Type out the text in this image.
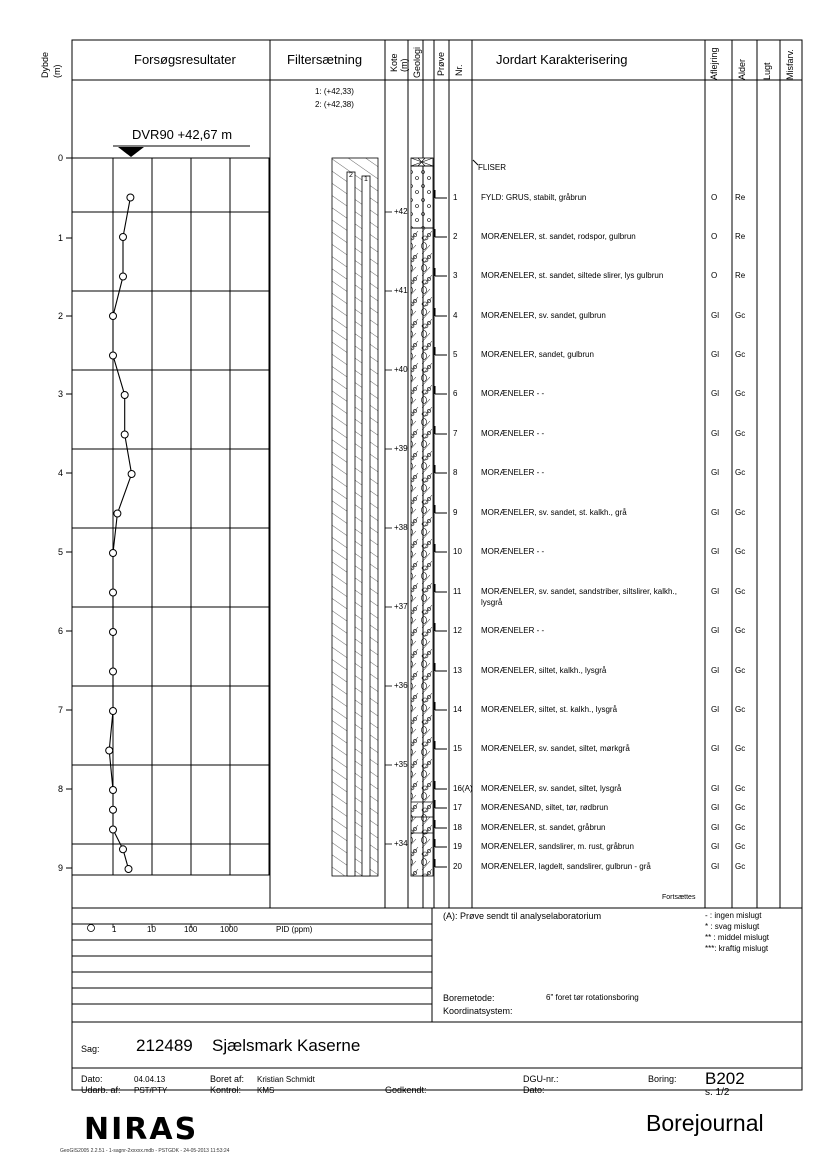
Dybde (m)
Forsøgsresultater	Filtersætning	Kote (m) Geologi Prøve Nr.
Jordart Karakterisering	Aflejring Alder Lugt Misfarv.
1: (+42,33)
2: (+42,38)
2
1
DVR90 +42,67 m
0
1
2
3
4
5
6
7
8
9
+42
+41
+40
+39
+38
+37
+36
+35
+34
FLISER
1	FYLD: GRUS, stabilt, gråbrun	O Re
2	MORÆNELER, st. sandet, rodspor, gulbrun	O Re
3	MORÆNELER, st. sandet, siltede slirer, lys gulbrun	O Re
4	MORÆNELER, sv. sandet, gulbrun	Gl Gc
5	MORÆNELER, sandet, gulbrun	Gl Gc
6	MORÆNELER - -	Gl Gc
7	MORÆNELER - -	Gl Gc
8	MORÆNELER - -	Gl Gc
9	MORÆNELER, sv. sandet, st. kalkh., grå	Gl Gc
10 MORÆNELER - -	Gl Gc
11 MORÆNELER, sv. sandet, sandstriber, siltslirer, kalkh.,
lysgrå
Gl Gc
12 MORÆNELER - -	Gl Gc
13 MORÆNELER, siltet, kalkh., lysgrå	Gl Gc
14 MORÆNELER, siltet, st. kalkh., lysgrå	Gl Gc
15 MORÆNELER, sv. sandet, siltet, mørkgrå	Gl Gc
16(A) MORÆNELER, sv. sandet, siltet, lysgrå	Gl Gc
17 MORÆNESAND, siltet, tør, rødbrun	Gl Gc
18 MORÆNELER, st. sandet, gråbrun	Gl Gc
19 MORÆNELER, sandslirer, m. rust, gråbrun	Gl Gc
20 MORÆNELER, lagdelt, sandslirer, gulbrun - grå	Gl Gc
Fortsættes
1	10	100	1000	PID (ppm)
(A): Prøve sendt til analyselaboratorium	- : ingen mislugt
* : svag mislugt
** : middel mislugt
***: kraftig mislugt
Boremetode:	6" foret tør rotationsboring
Koordinatsystem:
Sag: 212489 Sjælsmark Kaserne
Dato:	04.04.13
Udarb. af: PST/PTY
Boret af: Kristian Schmidt
Kontrol: KMS	Godkendt:
DGU-nr.:
Dato:
Boring: B202
s. 1/2
NIRAS	Borejournal
GeoGIS2005 2.2.51 - 1-sagnr-2xxxxx.mdb - PSTGDK - 24-05-2013 11:53:24
